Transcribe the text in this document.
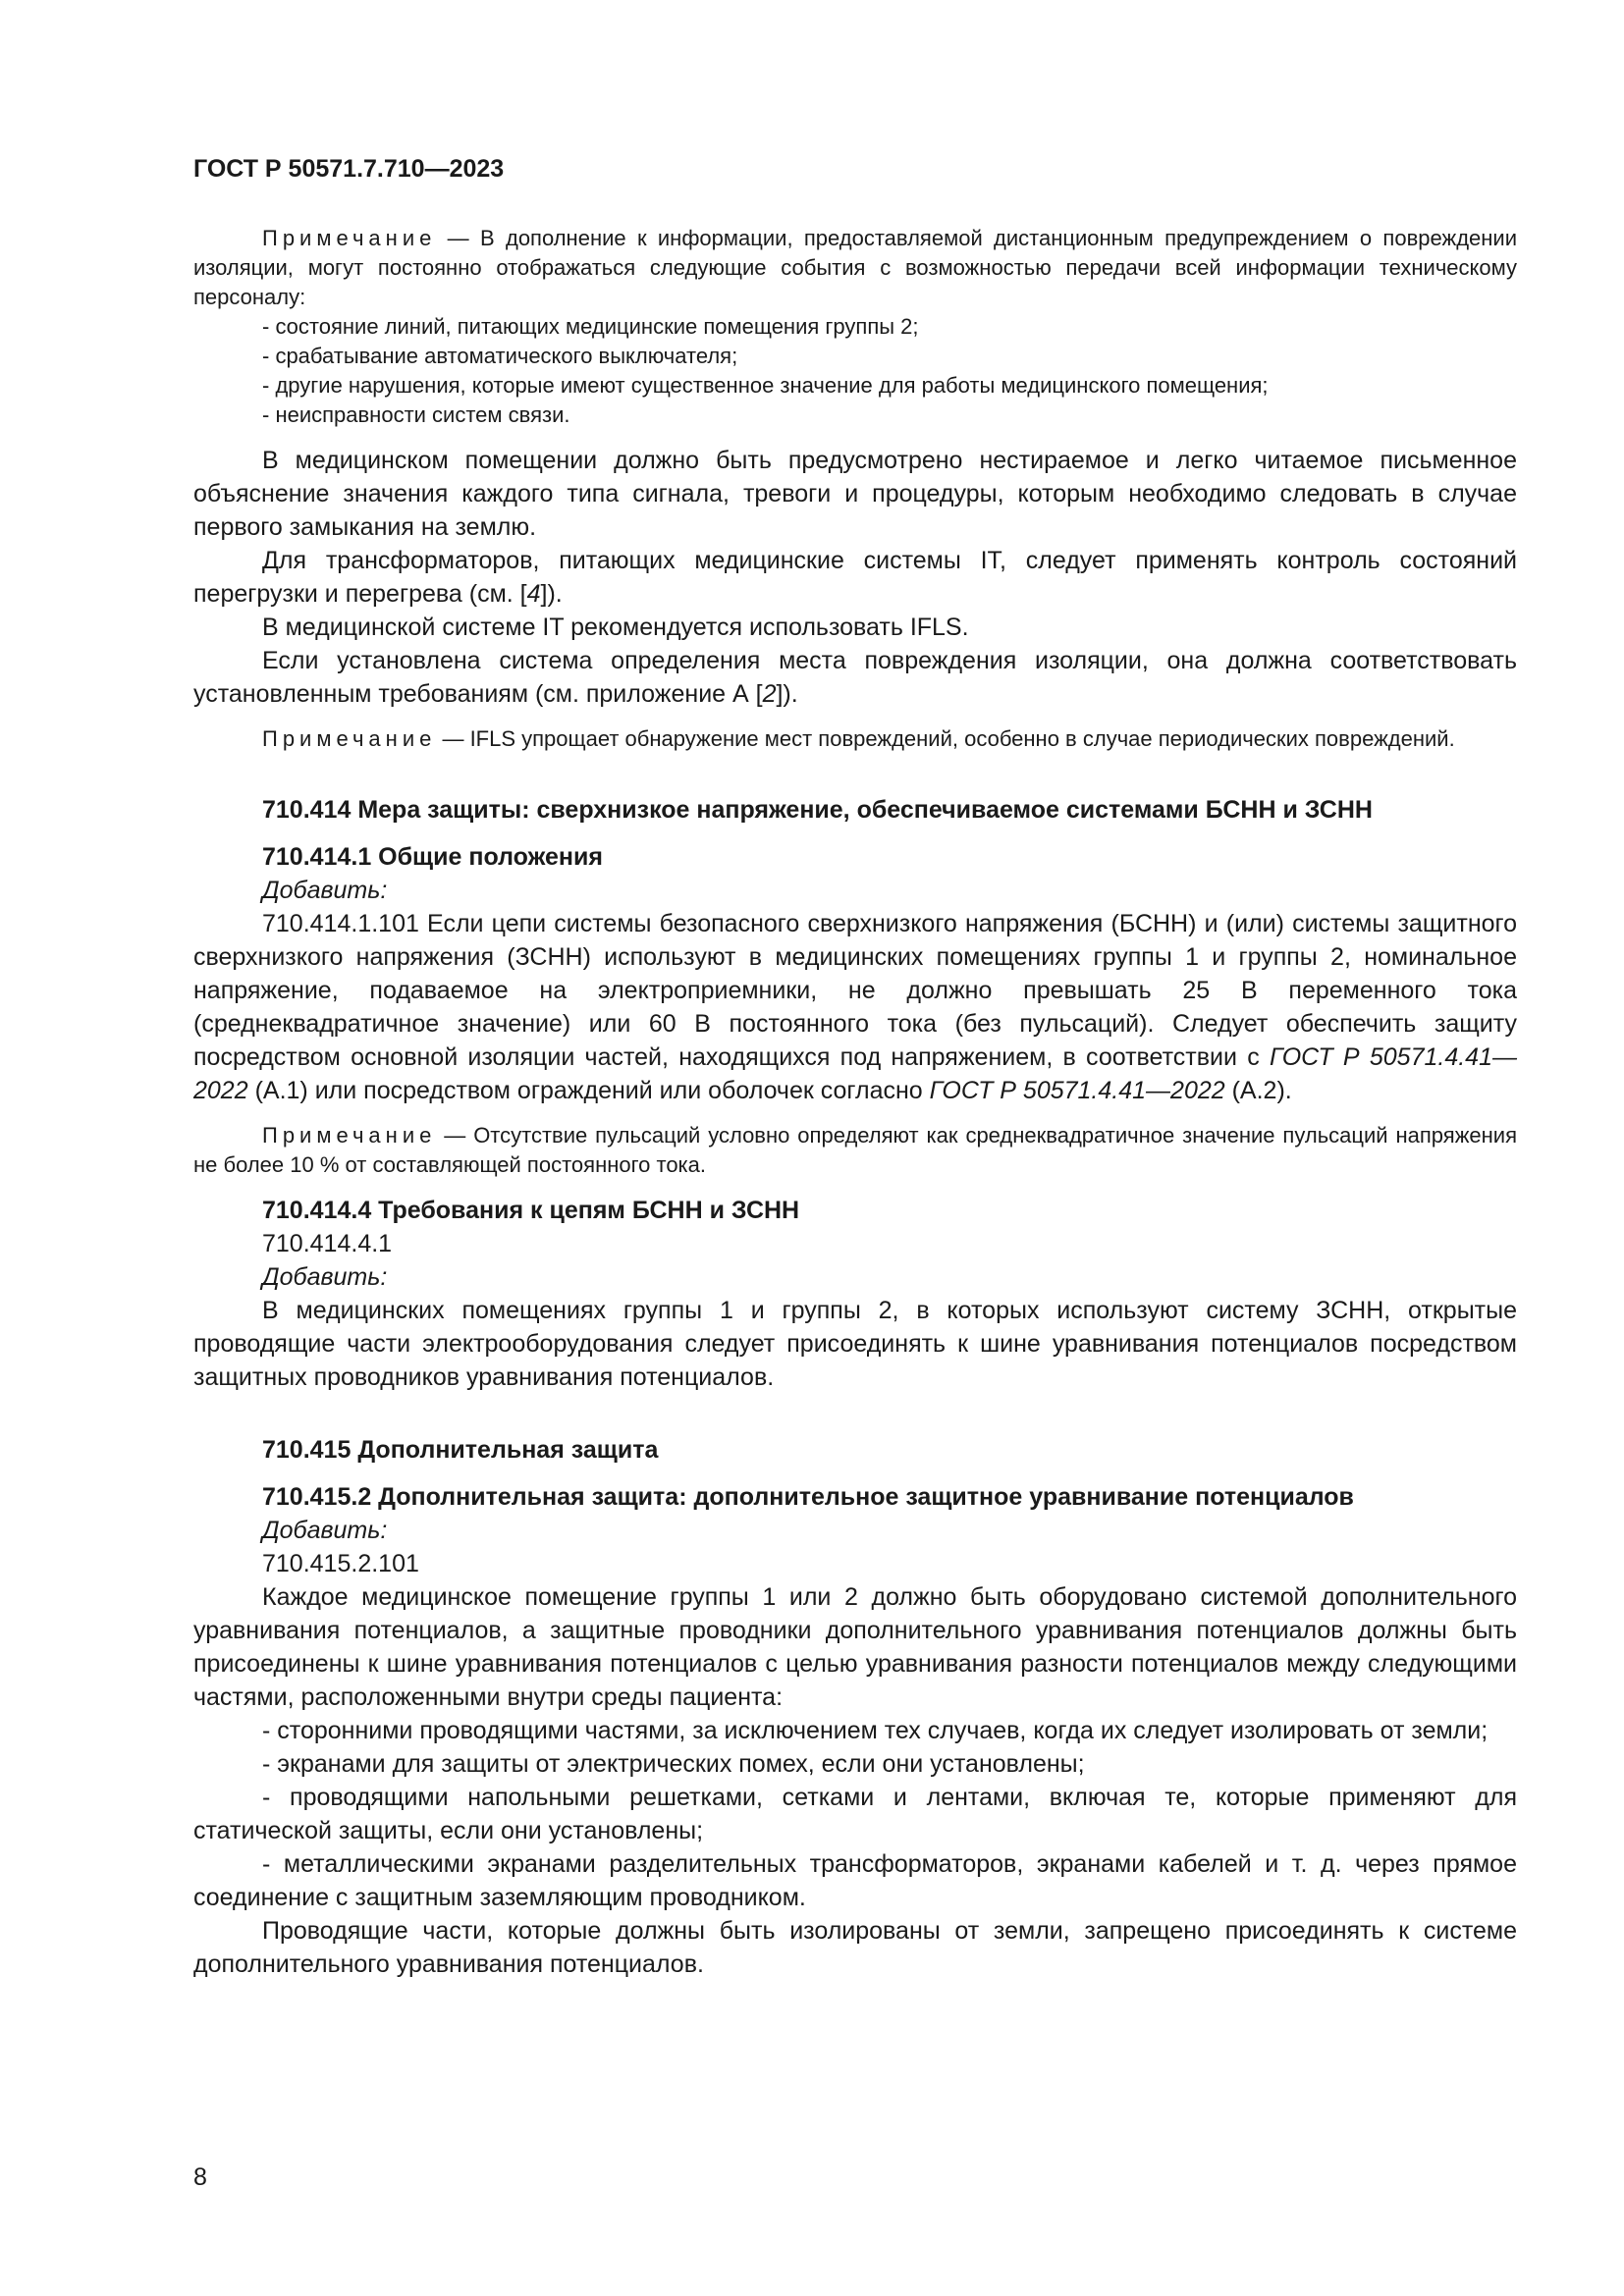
ГОСТ Р 50571.7.710—2023

Примечание — В дополнение к информации, предоставляемой дистанционным предупреждением о повреждении изоляции, могут постоянно отображаться следующие события с возможностью передачи всей информации техническому персоналу:

- состояние линий, питающих медицинские помещения группы 2;

- срабатывание автоматического выключателя;

- другие нарушения, которые имеют существенное значение для работы медицинского помещения;

- неисправности систем связи.

В медицинском помещении должно быть предусмотрено нестираемое и легко читаемое письменное объяснение значения каждого типа сигнала, тревоги и процедуры, которым необходимо следовать в случае первого замыкания на землю.

Для трансформаторов, питающих медицинские системы IT, следует применять контроль состояний перегрузки и перегрева (см. [4]).

В медицинской системе IT рекомендуется использовать IFLS.

Если установлена система определения места повреждения изоляции, она должна соответствовать установленным требованиям (см. приложение А [2]).

Примечание — IFLS упрощает обнаружение мест повреждений, особенно в случае периодических повреждений.

710.414 Мера защиты: сверхнизкое напряжение, обеспечиваемое системами БСНН и ЗСНН

710.414.1 Общие положения

Добавить:

710.414.1.101 Если цепи системы безопасного сверхнизкого напряжения (БСНН) и (или) системы защитного сверхнизкого напряжения (ЗСНН) используют в медицинских помещениях группы 1 и группы 2, номинальное напряжение, подаваемое на электроприемники, не должно превышать 25 В переменного тока (среднеквадратичное значение) или 60 В постоянного тока (без пульсаций). Следует обеспечить защиту посредством основной изоляции частей, находящихся под напряжением, в соответствии с ГОСТ Р 50571.4.41—2022 (А.1) или посредством ограждений или оболочек согласно ГОСТ Р 50571.4.41—2022 (А.2).

Примечание — Отсутствие пульсаций условно определяют как среднеквадратичное значение пульсаций напряжения не более 10 % от составляющей постоянного тока.

710.414.4 Требования к цепям БСНН и ЗСНН

710.414.4.1

Добавить:

В медицинских помещениях группы 1 и группы 2, в которых используют систему ЗСНН, открытые проводящие части электрооборудования следует присоединять к шине уравнивания потенциалов посредством защитных проводников уравнивания потенциалов.

710.415 Дополнительная защита

710.415.2 Дополнительная защита: дополнительное защитное уравнивание потенциалов

Добавить:

710.415.2.101

Каждое медицинское помещение группы 1 или 2 должно быть оборудовано системой дополнительного уравнивания потенциалов, а защитные проводники дополнительного уравнивания потенциалов должны быть присоединены к шине уравнивания потенциалов с целью уравнивания разности потенциалов между следующими частями, расположенными внутри среды пациента:

- сторонними проводящими частями, за исключением тех случаев, когда их следует изолировать от земли;

- экранами для защиты от электрических помех, если они установлены;

- проводящими напольными решетками, сетками и лентами, включая те, которые применяют для статической защиты, если они установлены;

- металлическими экранами разделительных трансформаторов, экранами кабелей и т. д. через прямое соединение с защитным заземляющим проводником.

Проводящие части, которые должны быть изолированы от земли, запрещено присоединять к системе дополнительного уравнивания потенциалов.

8
